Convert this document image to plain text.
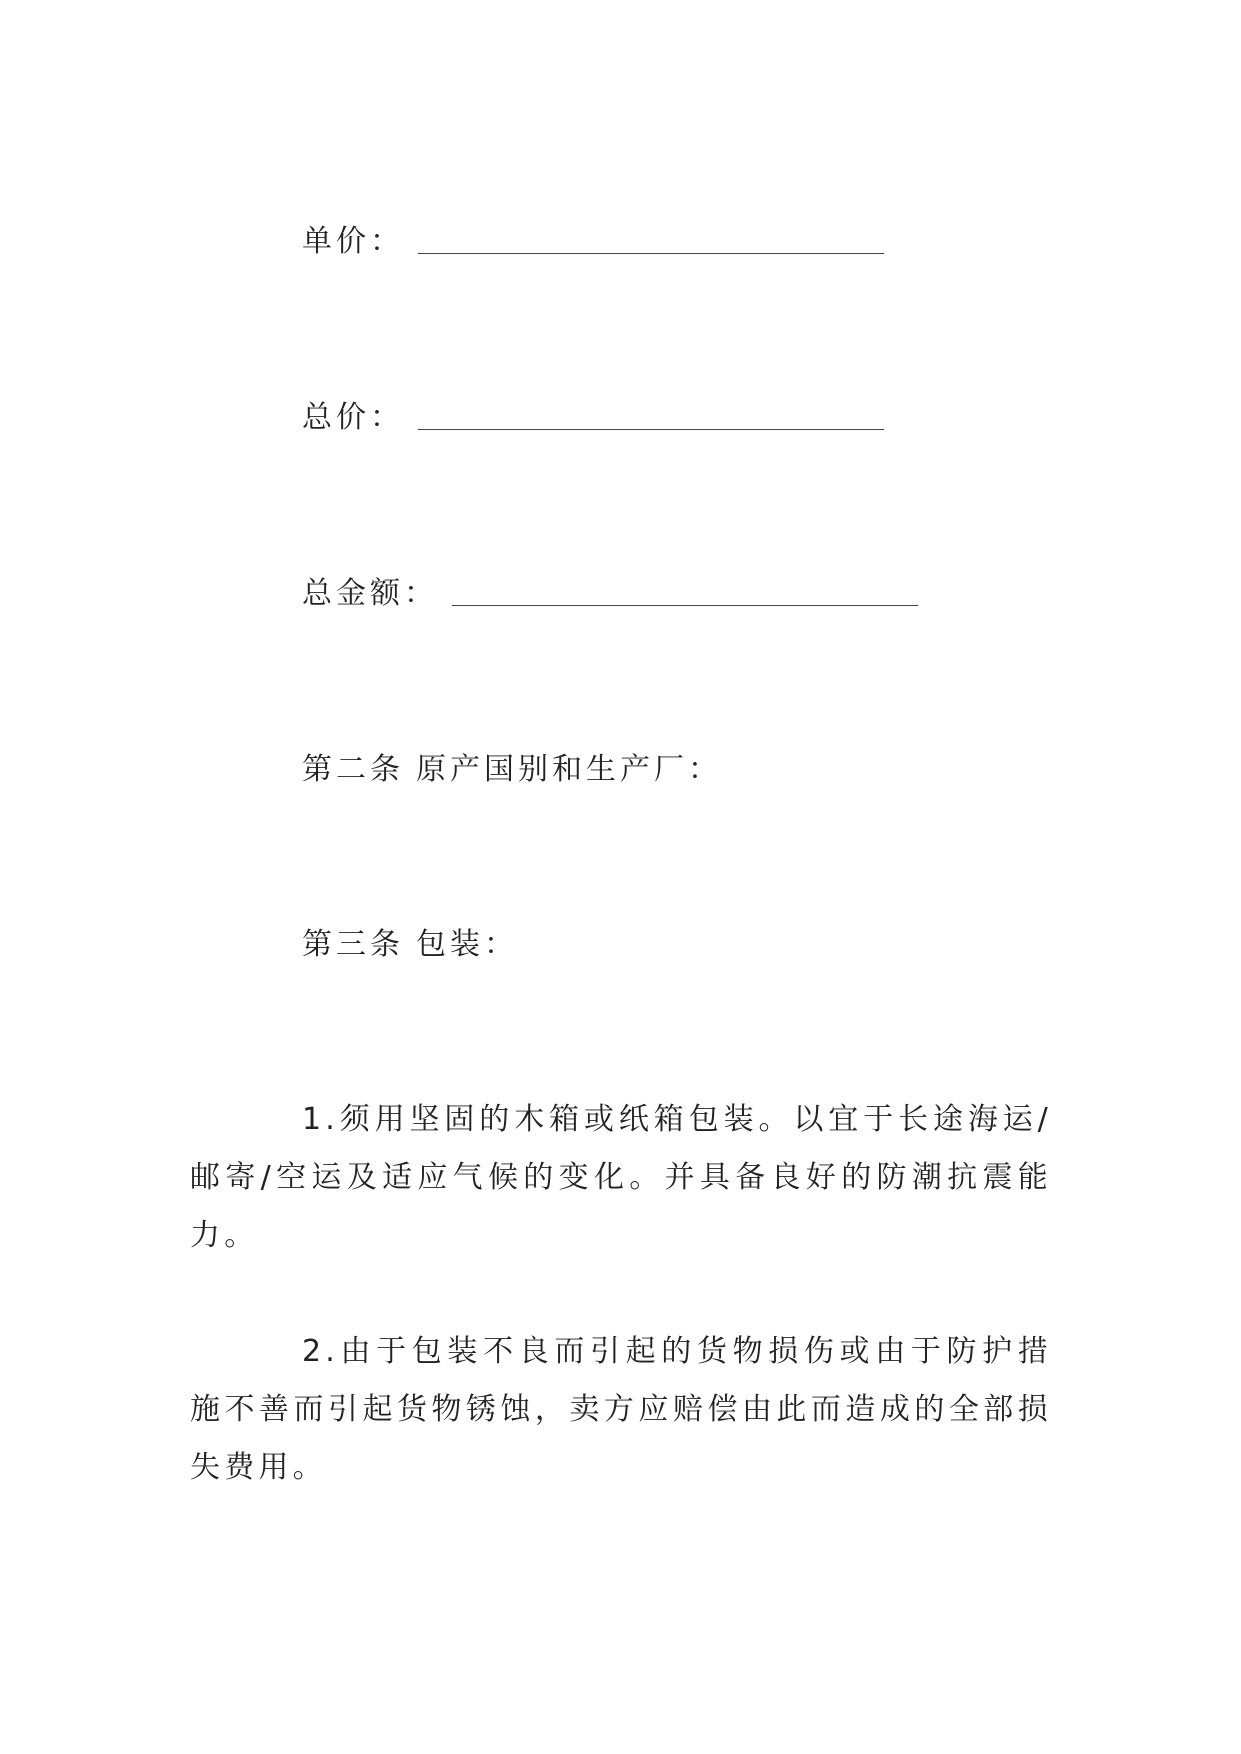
单价：
总价：
总金额：
第二条 原产国别和生产厂：
第三条 包装：

1.须用坚固的木箱或纸箱包装。以宜于长途海运/邮寄/空运及适应气候的变化。并具备良好的防潮抗震能力。

2.由于包装不良而引起的货物损伤或由于防护措施不善而引起货物锈蚀，卖方应赔偿由此而造成的全部损失费用。
